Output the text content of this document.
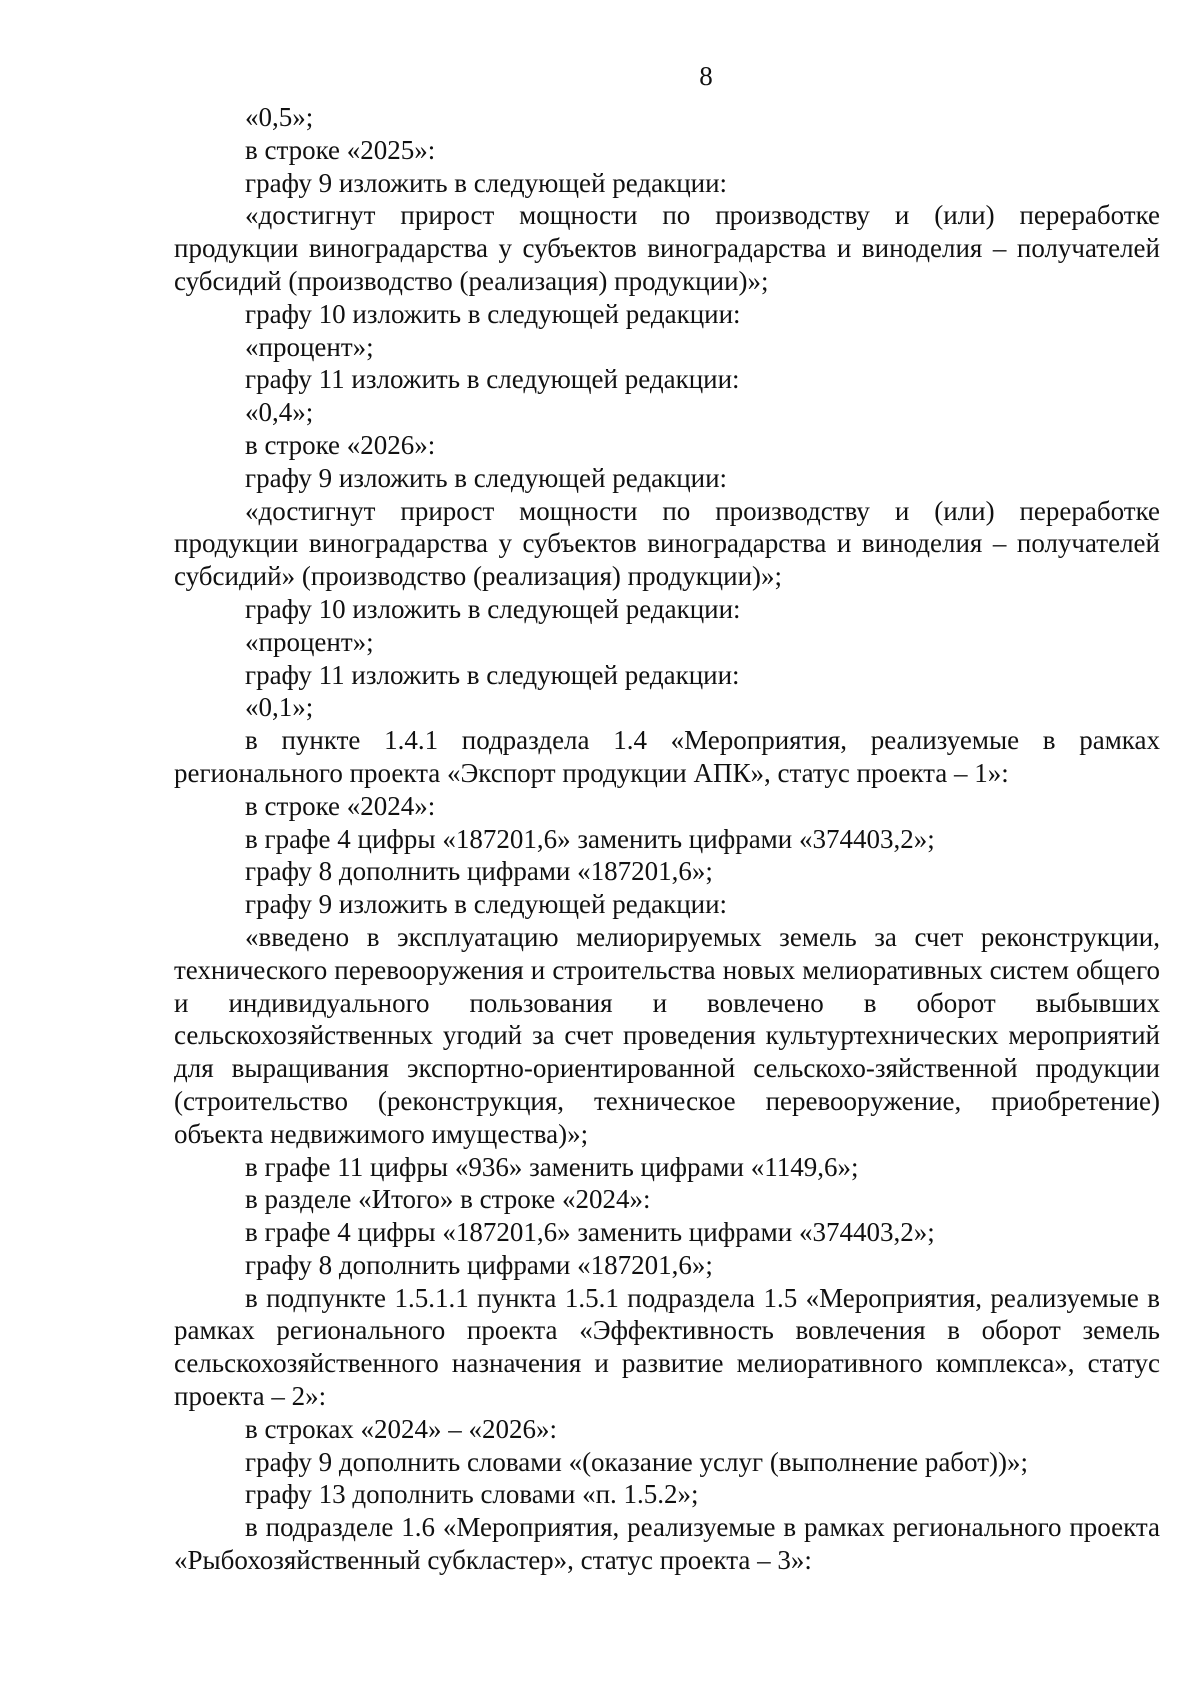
8

«0,5»;

в строке «2025»:

графу 9 изложить в следующей редакции:

«достигнут прирост мощности по производству и (или) переработке продукции виноградарства у субъектов виноградарства и виноделия – получателей субсидий (производство (реализация) продукции)»;

графу 10 изложить в следующей редакции:

«процент»;

графу 11 изложить в следующей редакции:

«0,4»;

в строке «2026»:

графу 9 изложить в следующей редакции:

«достигнут прирост мощности по производству и (или) переработке продукции виноградарства у субъектов виноградарства и виноделия – получателей субсидий» (производство (реализация) продукции)»;

графу 10 изложить в следующей редакции:

«процент»;

графу 11 изложить в следующей редакции:

«0,1»;

в пункте 1.4.1 подраздела 1.4 «Мероприятия, реализуемые в рамках регионального проекта «Экспорт продукции АПК», статус проекта – 1»:

в строке «2024»:

в графе 4 цифры «187201,6» заменить цифрами «374403,2»;

графу 8 дополнить цифрами «187201,6»;

графу 9 изложить в следующей редакции:

«введено в эксплуатацию мелиорируемых земель за счет реконструкции, технического перевооружения и строительства новых мелиоративных систем общего и индивидуального пользования и вовлечено в оборот выбывших сельскохозяйственных угодий за счет проведения культуртехнических мероприятий для выращивания экспортно-ориентированной сельскохо-зяйственной продукции (строительство (реконструкция, техническое перевооружение, приобретение) объекта недвижимого имущества)»;

в графе 11 цифры «936» заменить цифрами «1149,6»;

в разделе «Итого» в строке «2024»:

в графе 4 цифры «187201,6» заменить цифрами «374403,2»;

графу 8 дополнить цифрами «187201,6»;

в подпункте 1.5.1.1 пункта 1.5.1 подраздела 1.5 «Мероприятия, реализуемые в рамках регионального проекта «Эффективность вовлечения в оборот земель сельскохозяйственного назначения и развитие мелиоративного комплекса», статус проекта – 2»:

в строках «2024» – «2026»:

графу 9 дополнить словами «(оказание услуг (выполнение работ))»;

графу 13 дополнить словами «п. 1.5.2»;

в подразделе 1.6 «Мероприятия, реализуемые в рамках регионального проекта «Рыбохозяйственный субкластер», статус проекта – 3»:
